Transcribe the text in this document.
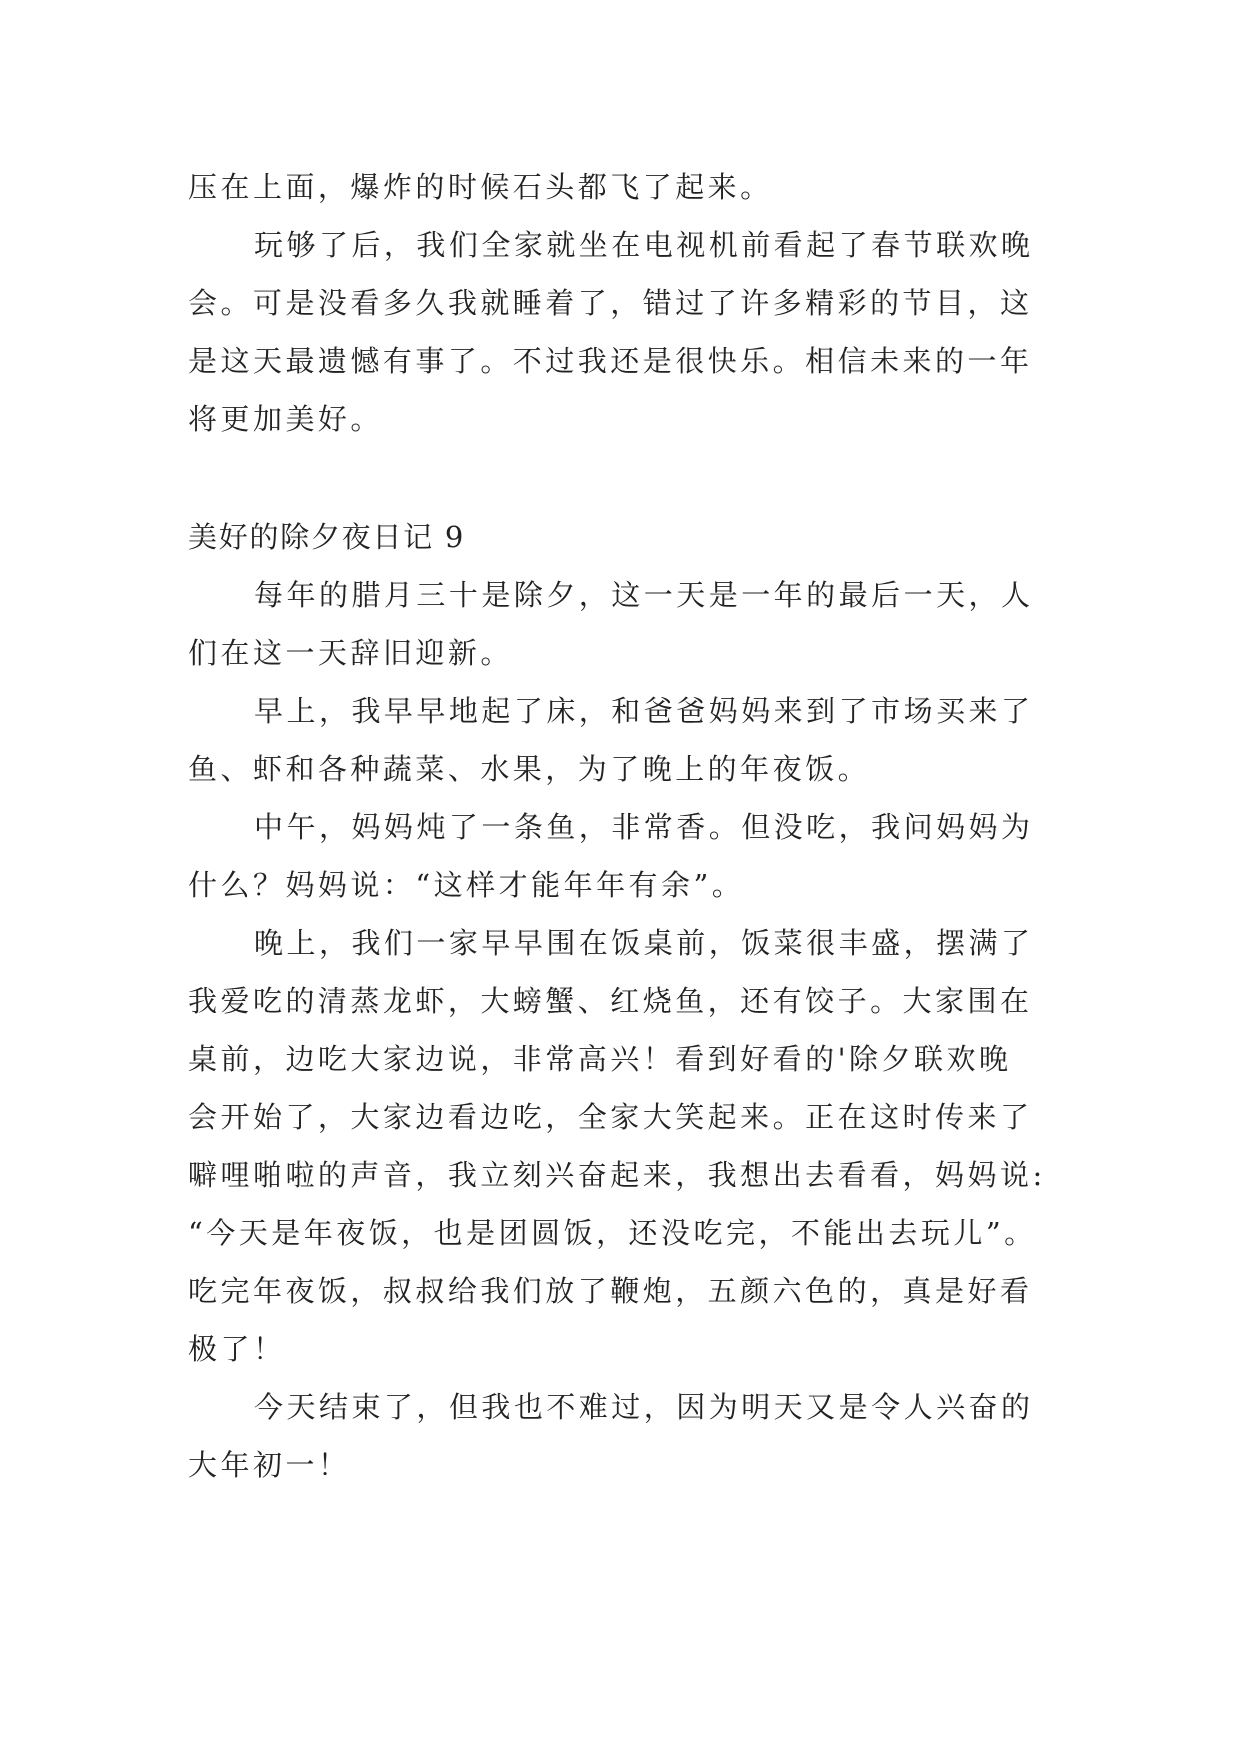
压在上面，爆炸的时候石头都飞了起来。
玩够了后，我们全家就坐在电视机前看起了春节联欢晚
会。可是没看多久我就睡着了，错过了许多精彩的节目，这
是这天最遗憾有事了。不过我还是很快乐。相信未来的一年
将更加美好。
美好的除夕夜日记 9
每年的腊月三十是除夕，这一天是一年的最后一天，人
们在这一天辞旧迎新。
早上，我早早地起了床，和爸爸妈妈来到了市场买来了
鱼、虾和各种蔬菜、水果，为了晚上的年夜饭。
中午，妈妈炖了一条鱼，非常香。但没吃，我问妈妈为
什么？妈妈说：“这样才能年年有余”。
晚上，我们一家早早围在饭桌前，饭菜很丰盛，摆满了
我爱吃的清蒸龙虾，大螃蟹、红烧鱼，还有饺子。大家围在
桌前，边吃大家边说，非常高兴！看到好看的'除夕联欢晚
会开始了，大家边看边吃，全家大笑起来。正在这时传来了
噼哩啪啦的声音，我立刻兴奋起来，我想出去看看，妈妈说:
“今天是年夜饭，也是团圆饭，还没吃完，不能出去玩儿”。
吃完年夜饭，叔叔给我们放了鞭炮，五颜六色的，真是好看
极了！
今天结束了，但我也不难过，因为明天又是令人兴奋的
大年初一！
